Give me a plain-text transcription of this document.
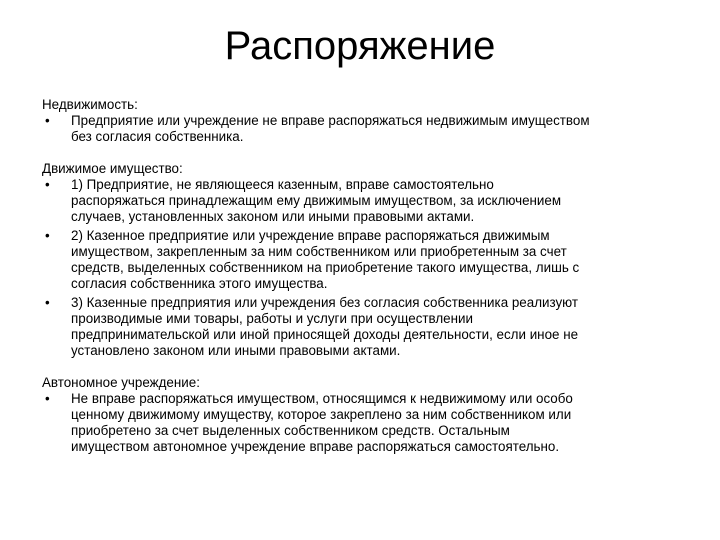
Распоряжение

Недвижимость:

• Предприятие или учреждение не вправе распоряжаться недвижимым имуществом
без согласия собственника.

Движимое имущество:

• 1) Предприятие, не являющееся казенным, вправе самостоятельно
распоряжаться принадлежащим ему движимым имуществом, за исключением
случаев, установленных законом или иными правовыми актами.
• 2) Казенное предприятие или учреждение вправе распоряжаться движимым
имуществом, закрепленным за ним собственником или приобретенным за счет
средств, выделенных собственником на приобретение такого имущества, лишь с
согласия собственника этого имущества.
• 3) Казенные предприятия или учреждения без согласия собственника реализуют
производимые ими товары, работы и услуги при осуществлении
предпринимательской или иной приносящей доходы деятельности, если иное не
установлено законом или иными правовыми актами.

Автономное учреждение:

• Не вправе распоряжаться имуществом, относящимся к недвижимому или особо
ценному движимому имуществу, которое закреплено за ним собственником или
приобретено за счет выделенных собственником средств. Остальным
имуществом автономное учреждение вправе распоряжаться самостоятельно.
